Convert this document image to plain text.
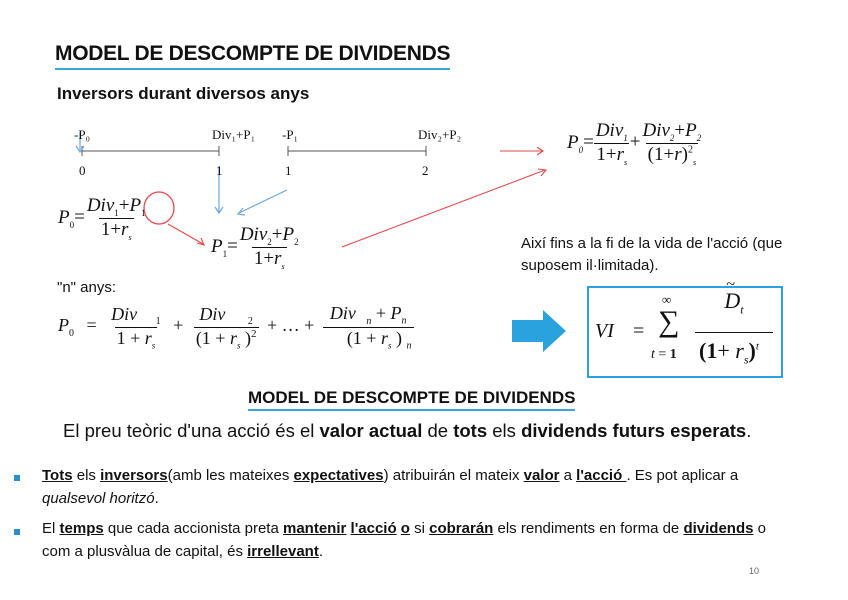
MODEL DE DESCOMPTE DE DIVIDENDS
Inversors durant diversos anys
-P₀	Div₁+P₁
0	1
-P₁	Div₂+P₂
1	2
$P_0= \frac{Div_1}{1+r_s} + \frac{Div_2+P_2}{(1+r)^2_s}$
$P_0= \frac{Div_1+P_1}{1+r_s}$
$P_1= \frac{Div_2+P_2}{1+r_s}$	Així fins a la fi de la vida de l'acció (que suposem il·limitada).
"n" anys:
$P_0 = \frac{Div _1}{1 + r_s} + \frac{Div _2}{(1 + r_s )^2}$ + … + $\frac{Div _n + P_n}{(1 + r_s ) _n}$	VI =
∞
∑
t = 1
D
~
$_t$
$(1+ r_s)^t$
MODEL DE DESCOMPTE DE DIVIDENDS
El preu teòric d'una acció és el valor actual de tots els dividends futurs esperats.
Tots els inversors(amb les mateixes expectatives) atribuirán el mateix valor a l'acció . Es pot aplicar a qualsevol horitzó.
El temps que cada accionista preta mantenir l'acció o si cobrarán els rendiments en forma de dividends o com a plusvàlua de capital, és irrellevant.
10
